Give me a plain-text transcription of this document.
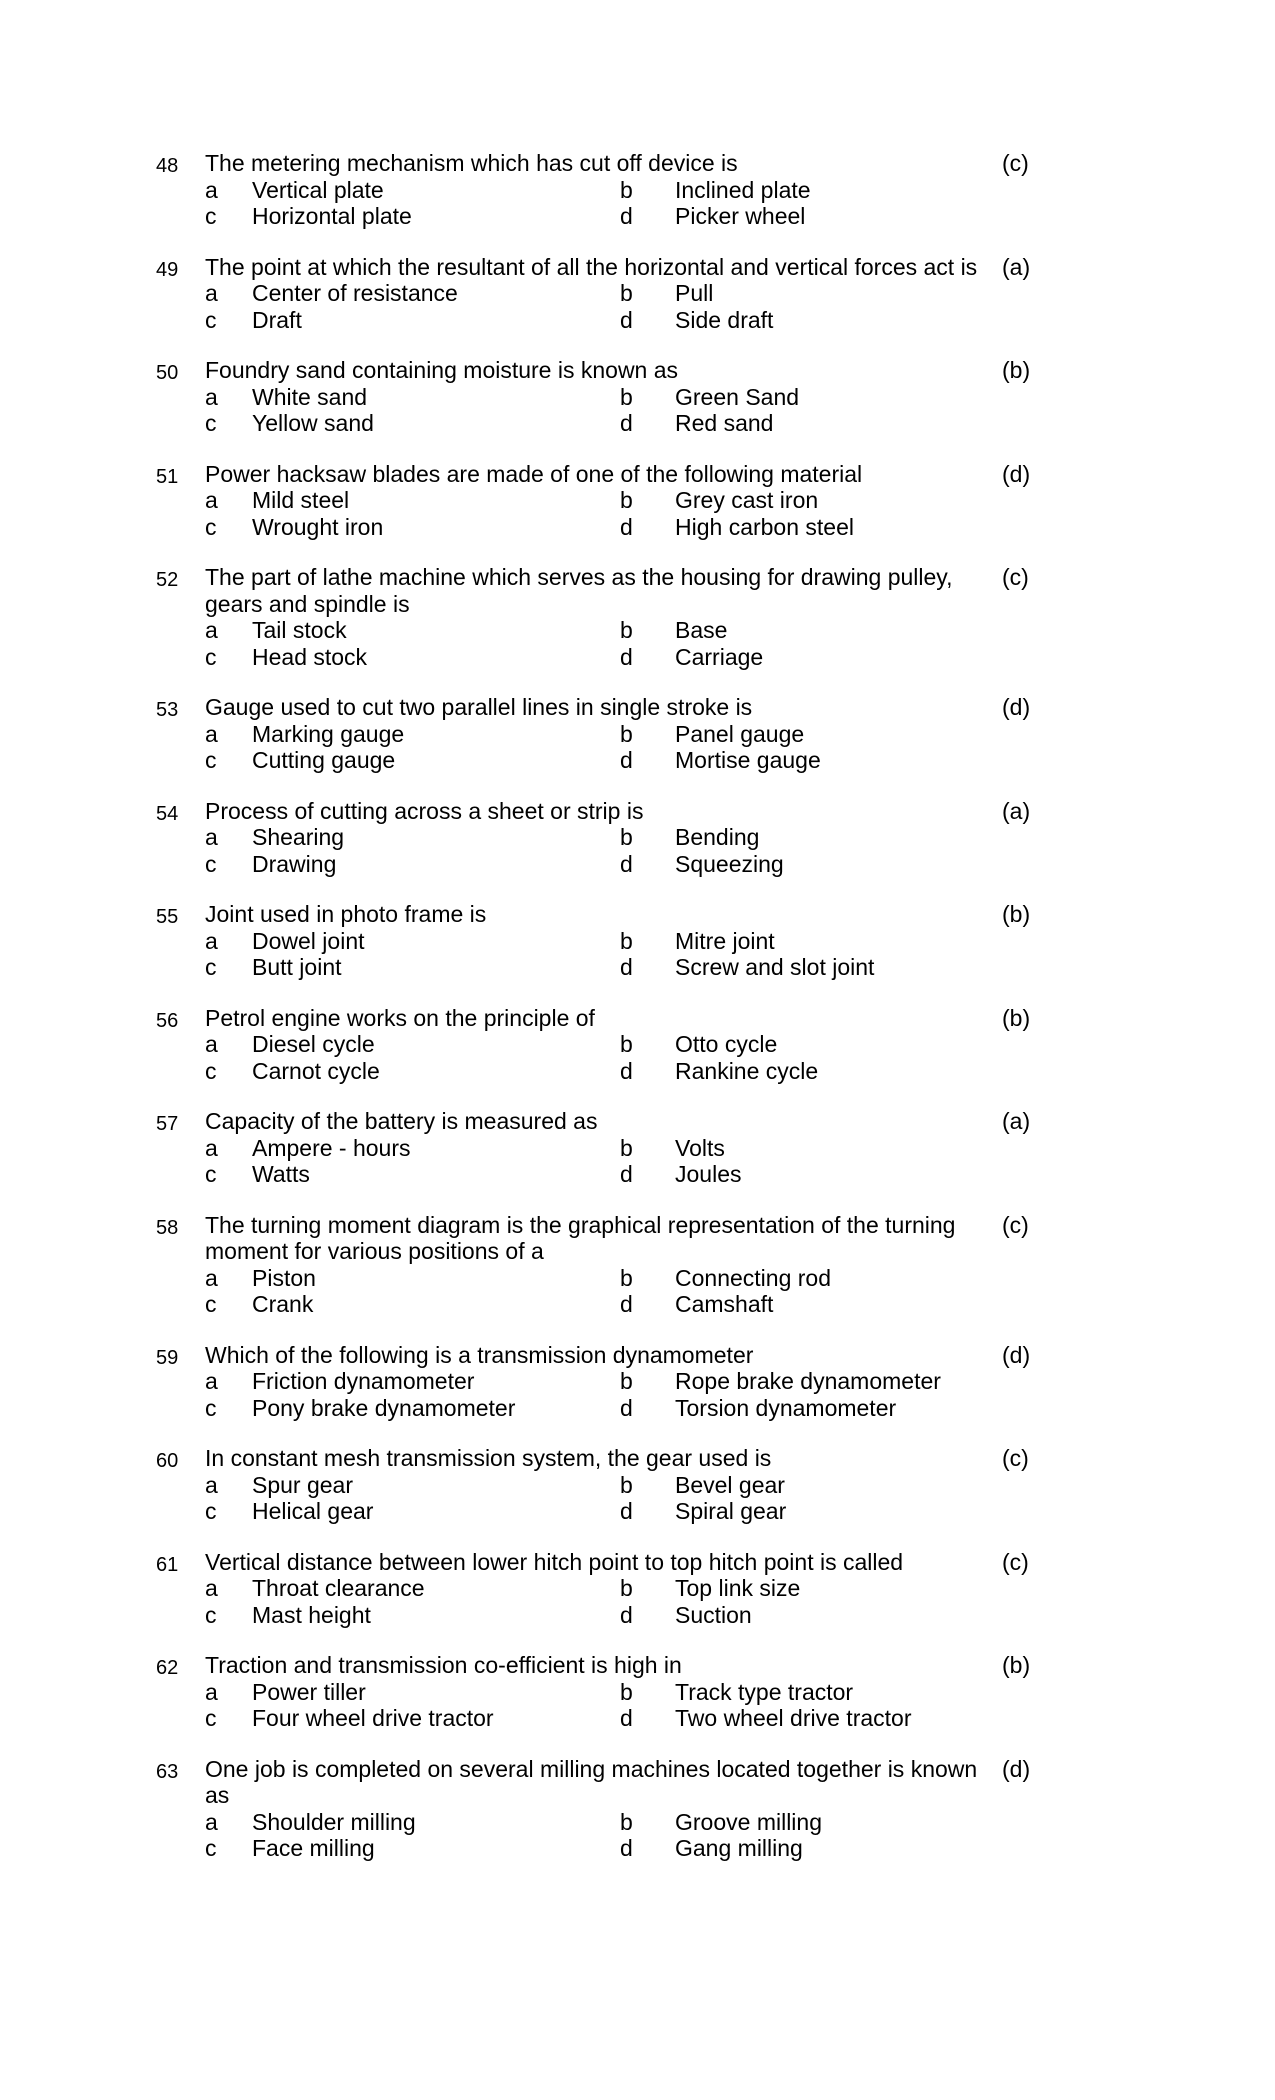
48 The metering mechanism which has cut off device is	(c)
a Vertical plate	b Inclined plate
c Horizontal plate	d Picker wheel
49 The point at which the resultant of all the horizontal and vertical forces act is	(a)
a Center of resistance	b Pull
c Draft	d Side draft
50 Foundry sand containing moisture is known as	(b)
a White sand	b Green Sand
c Yellow sand	d Red sand
51 Power hacksaw blades are made of one of the following material	(d)
a Mild steel	b Grey cast iron
c Wrought iron	d High carbon steel
52 The part of lathe machine which serves as the housing for drawing pulley, gears and spindle is
(c)
a Tail stock	b Base
c Head stock	d Carriage
53 Gauge used to cut two parallel lines in single stroke is	(d)
a Marking gauge	b Panel gauge
c Cutting gauge	d Mortise gauge
54 Process of cutting across a sheet or strip is	(a)
a Shearing	b Bending
c Drawing	d Squeezing
55 Joint used in photo frame is	(b)
a Dowel joint	b Mitre joint
c Butt joint	d Screw and slot joint
56 Petrol engine works on the principle of	(b)
a Diesel cycle	b Otto cycle
c Carnot cycle	d Rankine cycle
57 Capacity of the battery is measured as	(a)
a Ampere - hours	b Volts
c Watts	d Joules
58 The turning moment diagram is the graphical representation of the turning moment for various positions of a
(c)
a Piston	b Connecting rod
c Crank	d Camshaft
59 Which of the following is a transmission dynamometer	(d)
a Friction dynamometer	b Rope brake dynamometer
c Pony brake dynamometer	d Torsion dynamometer
60 In constant mesh transmission system, the gear used is	(c)
a Spur gear	b Bevel gear
c Helical gear	d Spiral gear
61 Vertical distance between lower hitch point to top hitch point is called	(c)
a Throat clearance	b Top link size
c Mast height	d Suction
62 Traction and transmission co-efficient is high in	(b)
a Power tiller	b Track type tractor
c Four wheel drive tractor	d Two wheel drive tractor
63 One job is completed on several milling machines located together is known as
(d)
a Shoulder milling	b Groove milling
c Face milling	d Gang milling
